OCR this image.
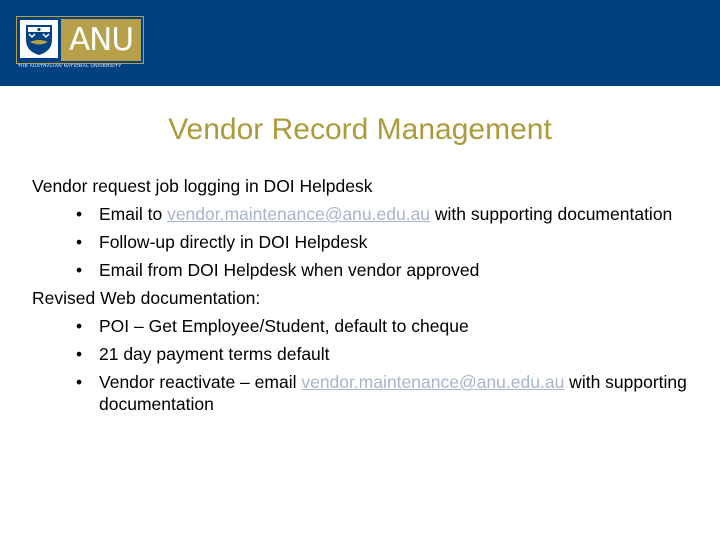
ANU
THE AUSTRALIAN NATIONAL UNIVERSITY
Vendor Record Management
Vendor request job logging in DOI Helpdesk
• Email to vendor.maintenance@anu.edu.au with supporting documentation
• Follow-up directly in DOI Helpdesk
• Email from DOI Helpdesk when vendor approved
Revised Web documentation:
• POI – Get Employee/Student, default to cheque
• 21 day payment terms default
• Vendor reactivate – email vendor.maintenance@anu.edu.au with supporting documentation
